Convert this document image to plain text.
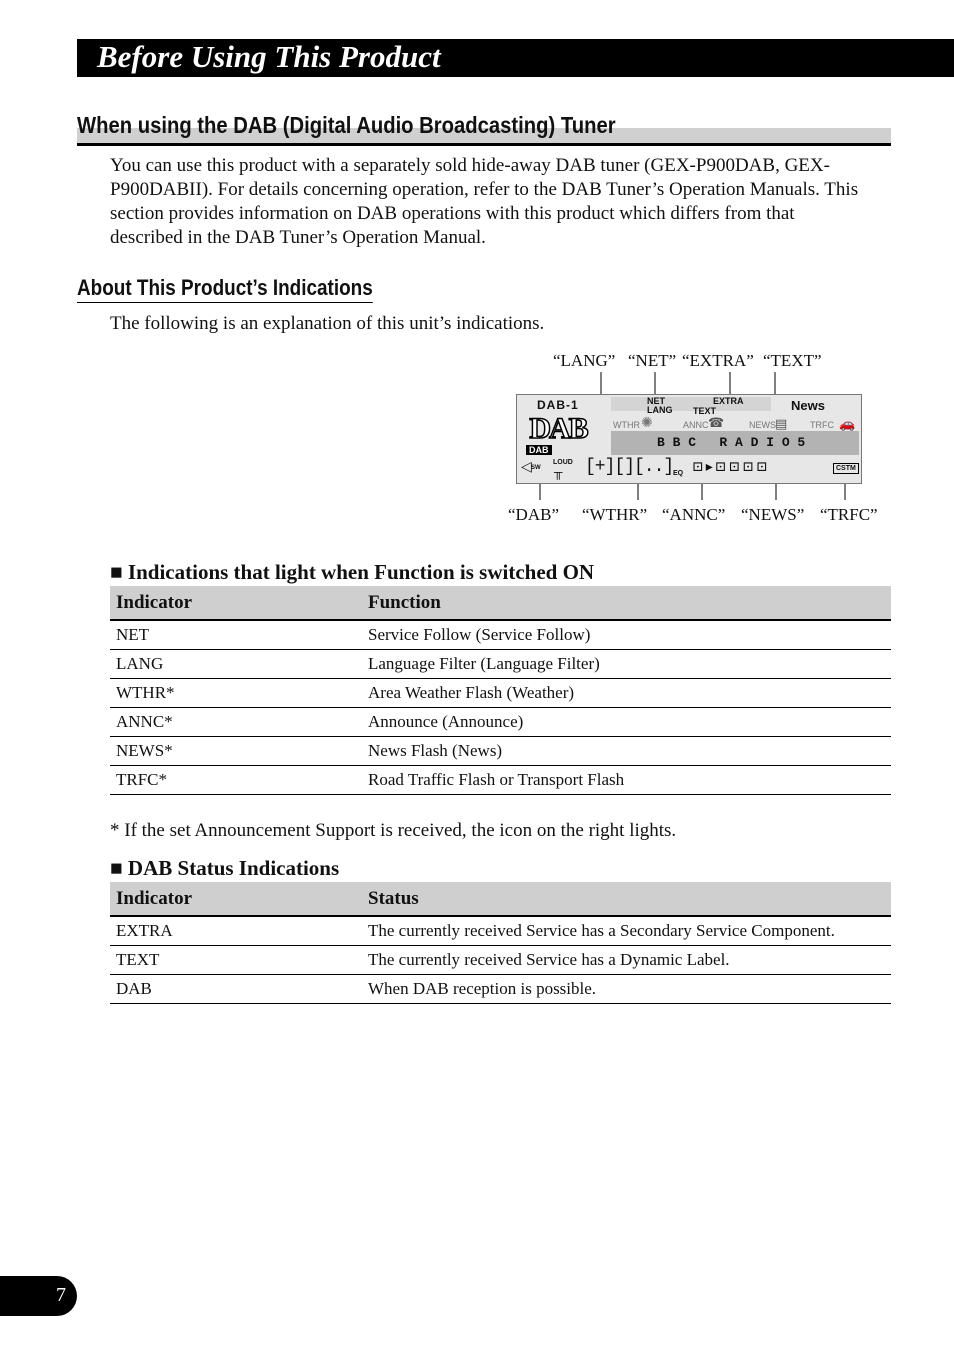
Before Using This Product
When using the DAB (Digital Audio Broadcasting) Tuner
You can use this product with a separately sold hide-away DAB tuner (GEX-P900DAB, GEX-P900DABII). For details concerning operation, refer to the DAB Tuner’s Operation Manuals. This section provides information on DAB operations with this product which differs from that described in the DAB Tuner’s Operation Manual.
About This Product’s Indications
The following is an explanation of this unit’s indications.
“LANG” “NET” “EXTRA” “TEXT”
DAB-1
DAB
DAB
NET
LANG
EXTRA
TEXT	News
WTHR ✺	ANNC ☎	NEWS ▤	TRFC 🚗
B B C   R A D I O 5
◁ SW
LOUD
╥ [+][][..] EQ ⊡▸⊡⊡⊡⊡	CSTM
“DAB” “WTHR” “ANNC” “NEWS” “TRFC”
■ Indications that light when Function is switched ON
Indicator	Function
NET	Service Follow (Service Follow)
LANG	Language Filter (Language Filter)
WTHR*	Area Weather Flash (Weather)
ANNC*	Announce (Announce)
NEWS*	News Flash (News)
TRFC*	Road Traffic Flash or Transport Flash
* If the set Announcement Support is received, the icon on the right lights.
■ DAB Status Indications
Indicator	Status
EXTRA	The currently received Service has a Secondary Service Component.
TEXT	The currently received Service has a Dynamic Label.
DAB	When DAB reception is possible.
7
